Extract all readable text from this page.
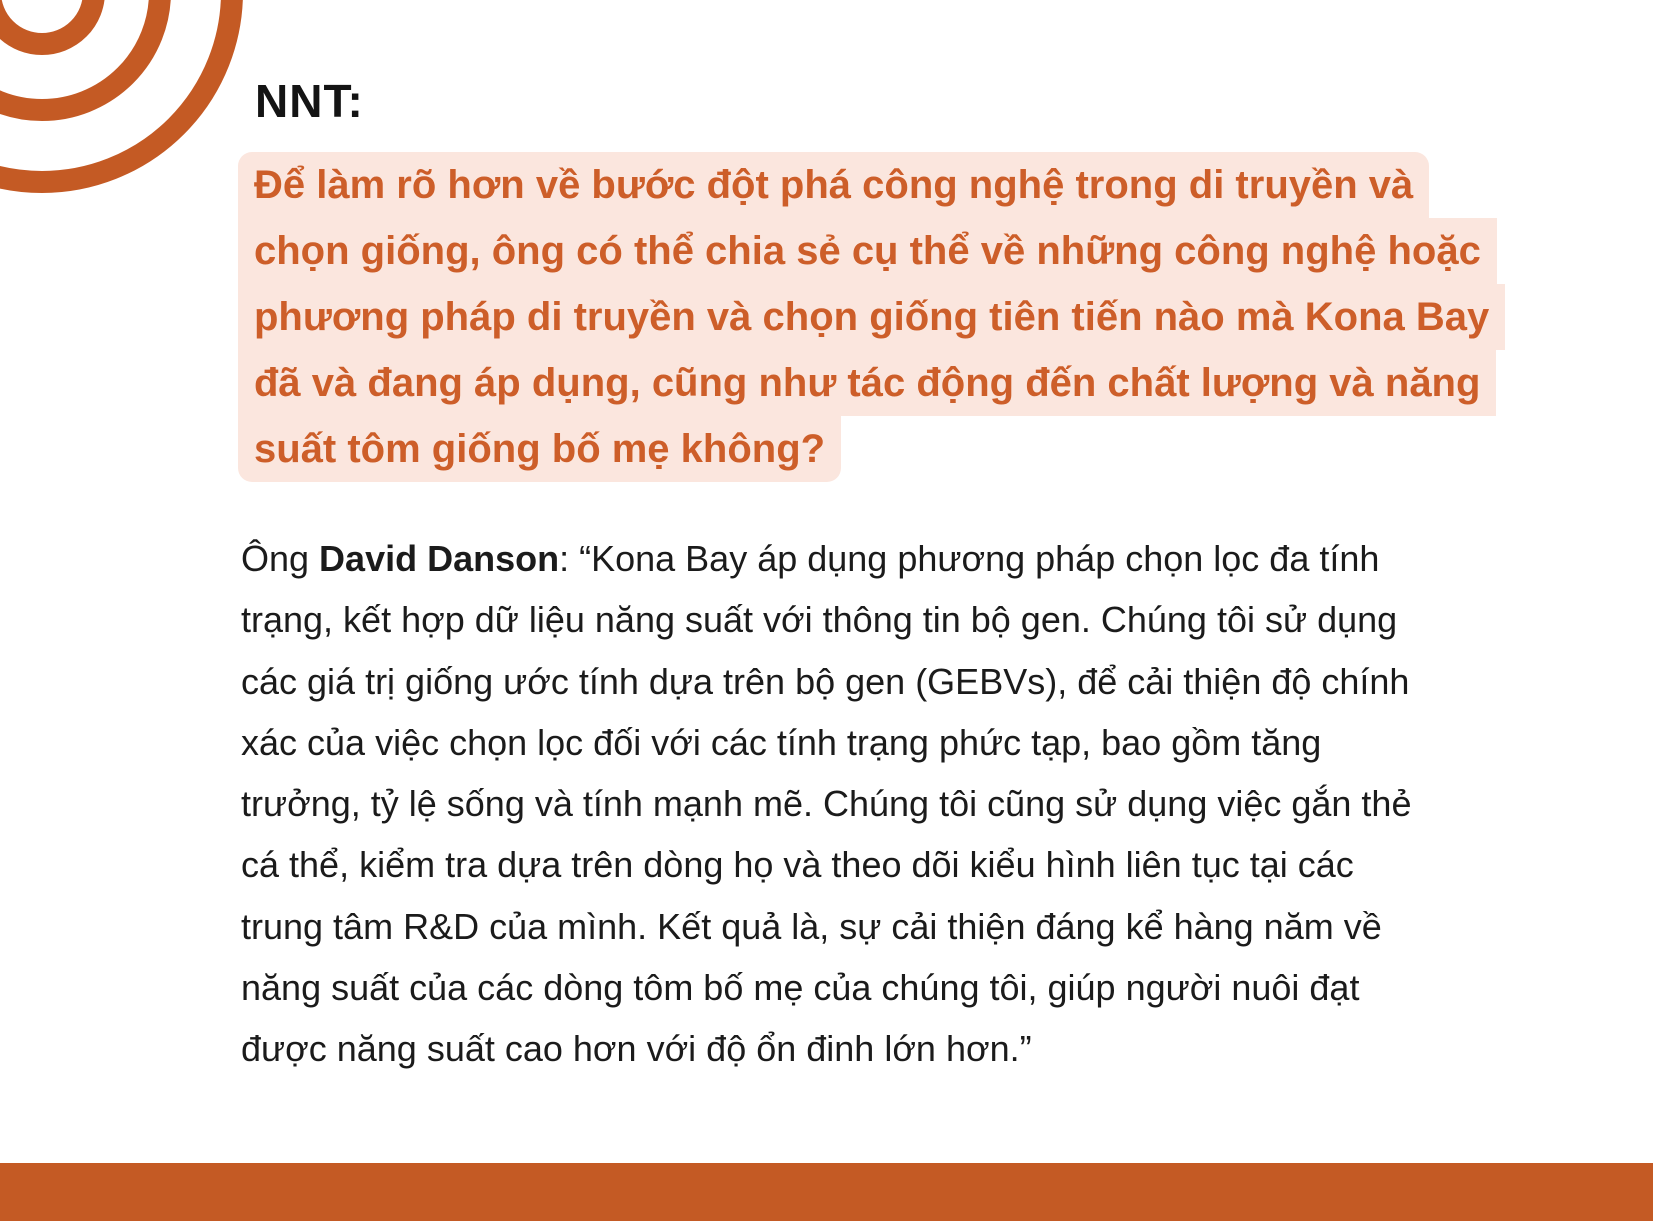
NNT:

Để làm rõ hơn về bước đột phá công nghệ trong di truyền và
chọn giống, ông có thể chia sẻ cụ thể về những công nghệ hoặc
phương pháp di truyền và chọn giống tiên tiến nào mà Kona Bay
đã và đang áp dụng, cũng như tác động đến chất lượng và năng
suất tôm giống bố mẹ không?
Ông David Danson: “Kona Bay áp dụng phương pháp chọn lọc đa tính
trạng, kết hợp dữ liệu năng suất với thông tin bộ gen. Chúng tôi sử dụng
các giá trị giống ước tính dựa trên bộ gen (GEBVs), để cải thiện độ chính
xác của việc chọn lọc đối với các tính trạng phức tạp, bao gồm tăng
trưởng, tỷ lệ sống và tính mạnh mẽ. Chúng tôi cũng sử dụng việc gắn thẻ
cá thể, kiểm tra dựa trên dòng họ và theo dõi kiểu hình liên tục tại các
trung tâm R&D của mình. Kết quả là, sự cải thiện đáng kể hàng năm về
năng suất của các dòng tôm bố mẹ của chúng tôi, giúp người nuôi đạt
được năng suất cao hơn với độ ổn đinh lớn hơn.”
